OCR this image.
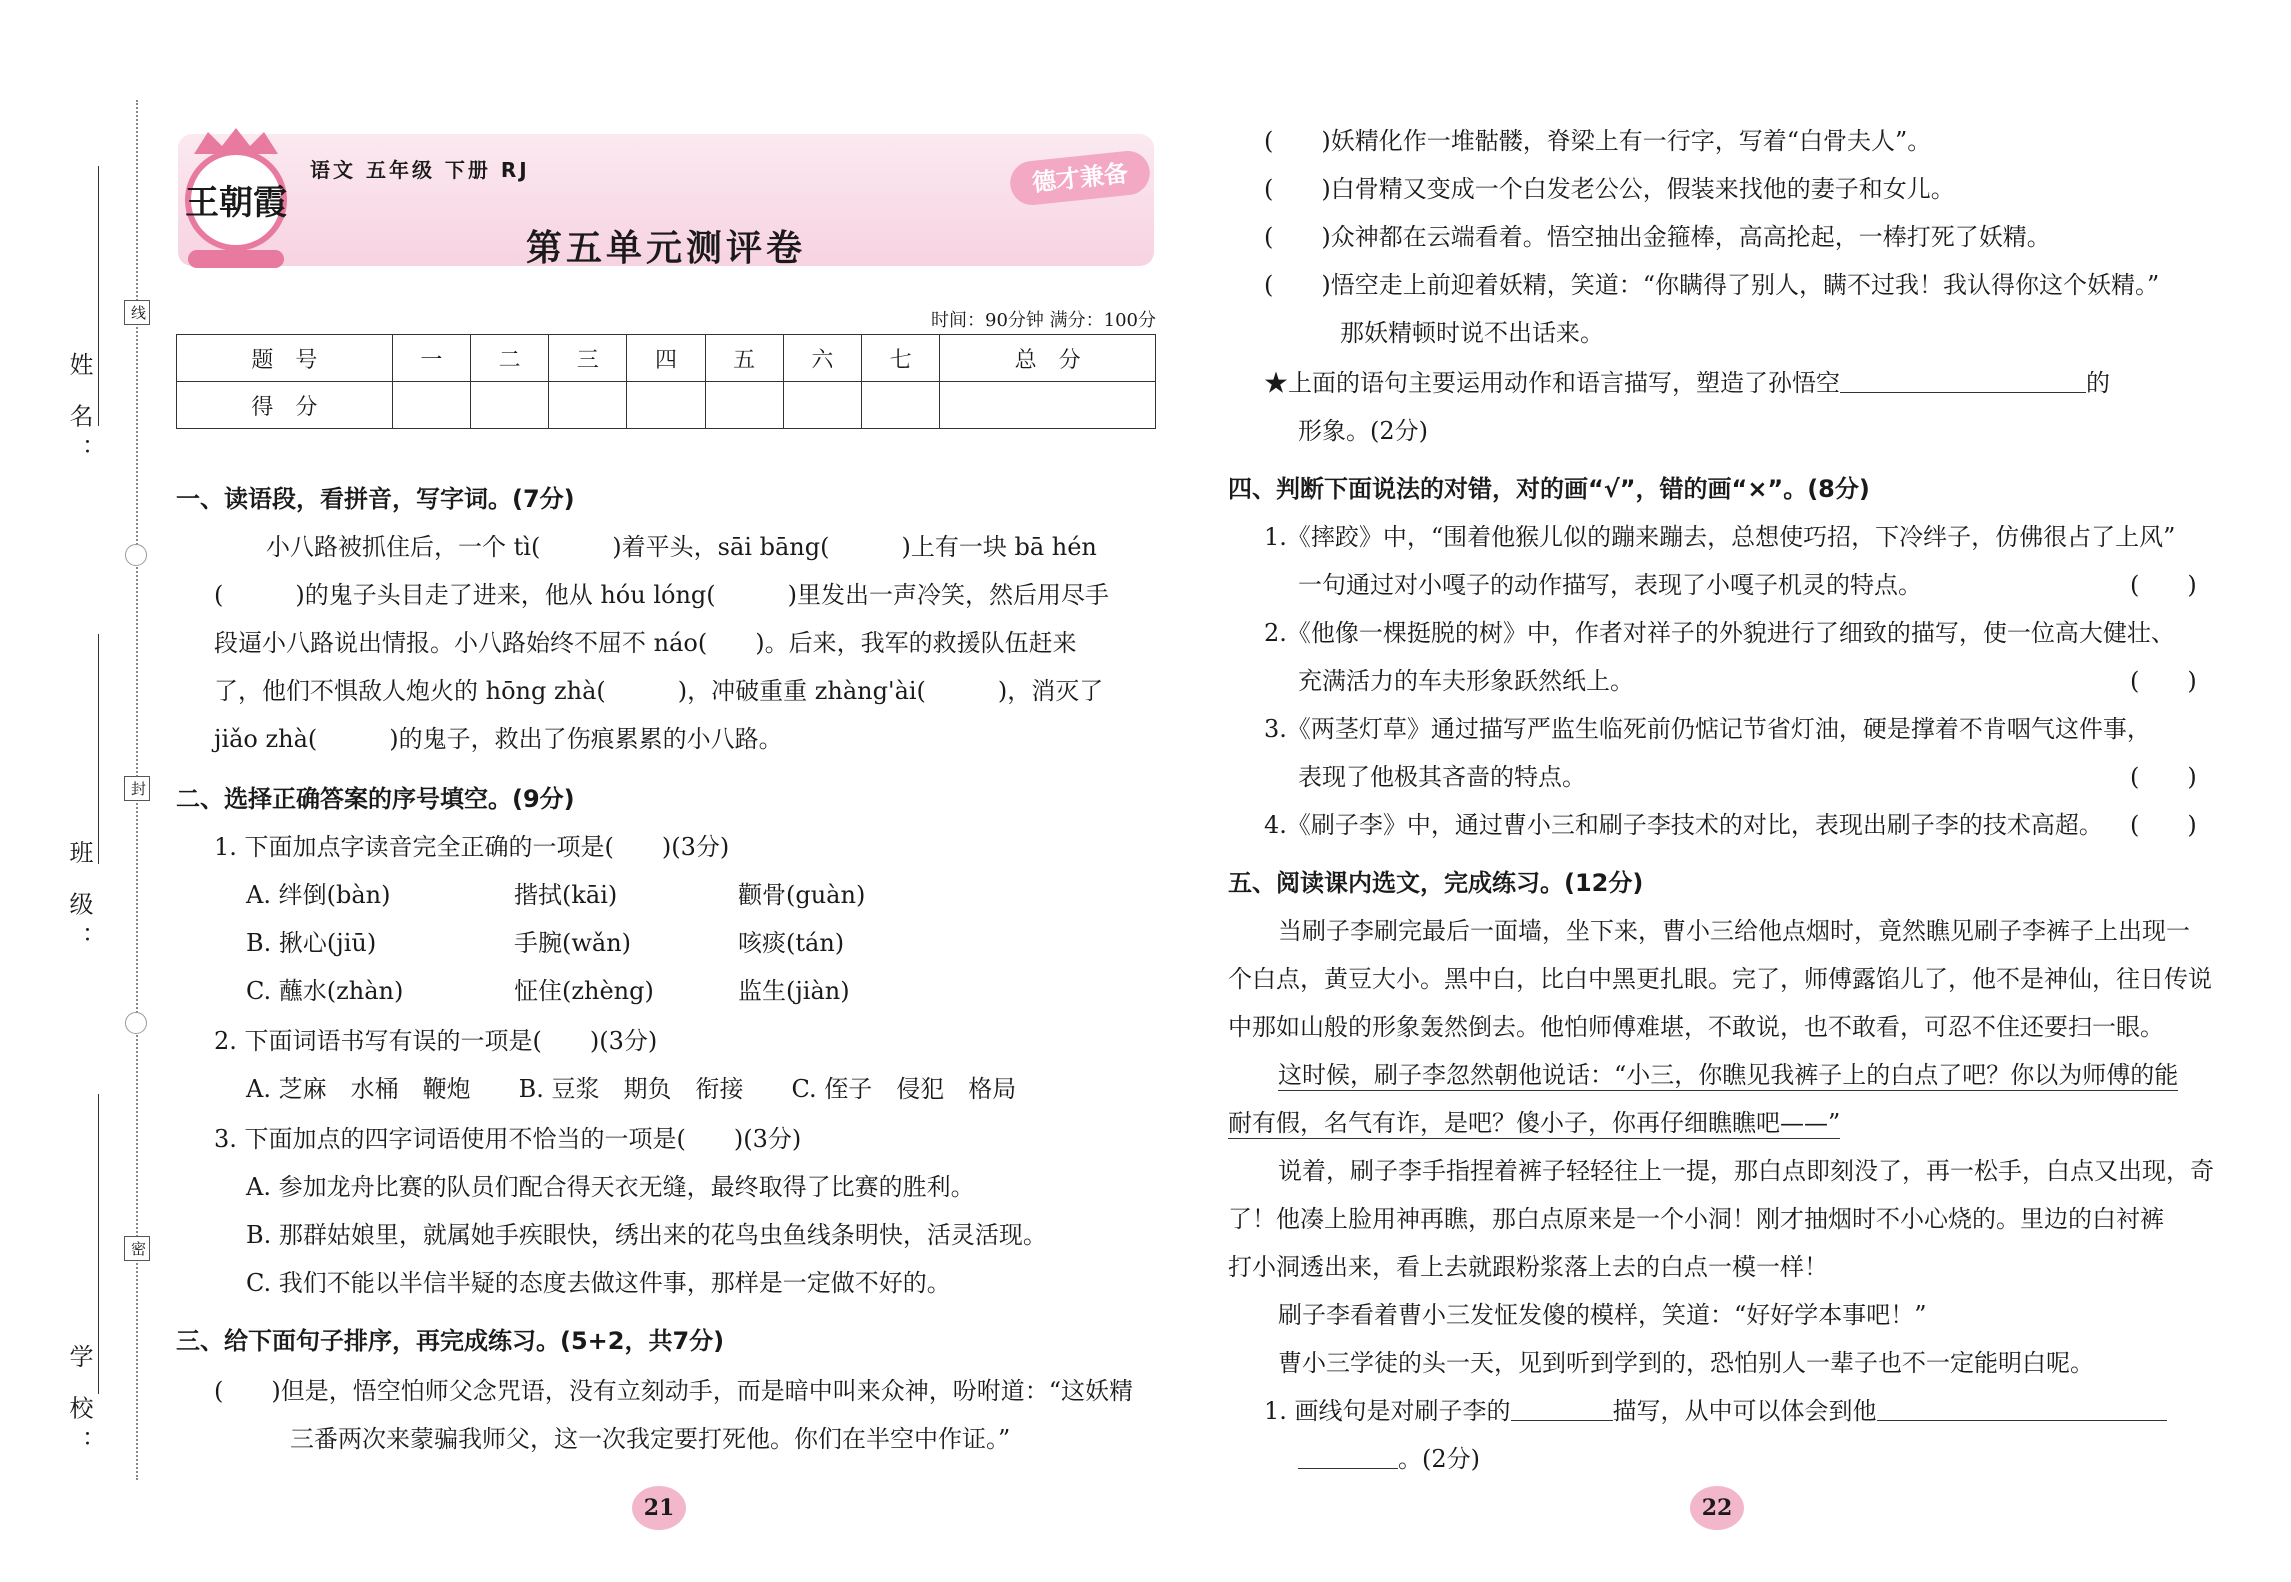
姓 名：
线
班 级：
封
学 校：
密
王朝霞
语文 五年级 下册 RJ	德才兼备
第五单元测评卷
时间：90分钟 满分：100分
题　号	一	二	三	四	五	六	七	总　分
得　分								
一、读语段，看拼音，写字词。(7分)
小八路被抓住后，一个 tì(　　　)着平头，sāi bāng(　　　)上有一块 bā hén
(　　　)的鬼子头目走了进来，他从 hóu lóng(　　　)里发出一声冷笑，然后用尽手
段逼小八路说出情报。小八路始终不屈不 náo(　　)。后来，我军的救援队伍赶来
了，他们不惧敌人炮火的 hōng zhà(　　　)，冲破重重 zhàng'ài(　　　)，消灭了
jiǎo zhà(　　　)的鬼子，救出了伤痕累累的小八路。
二、选择正确答案的序号填空。(9分)
1. 下面加点字读音完全正确的一项是(　　)(3分)
A. 绊倒(bàn)	揩拭(kāi)	颧骨(guàn)
B. 揪心(jiū)	手腕(wǎn)	咳痰(tán)
C. 蘸水(zhàn)	怔住(zhèng)	监生(jiàn)
2. 下面词语书写有误的一项是(　　)(3分)
A. 芝麻　水桶　鞭炮　　B. 豆浆　期负　衔接　　C. 侄子　侵犯　格局
3. 下面加点的四字词语使用不恰当的一项是(　　)(3分)
A. 参加龙舟比赛的队员们配合得天衣无缝，最终取得了比赛的胜利。
B. 那群姑娘里，就属她手疾眼快，绣出来的花鸟虫鱼线条明快，活灵活现。
C. 我们不能以半信半疑的态度去做这件事，那样是一定做不好的。
三、给下面句子排序，再完成练习。(5+2，共7分)
(　　)但是，悟空怕师父念咒语，没有立刻动手，而是暗中叫来众神，吩咐道：“这妖精
三番两次来蒙骗我师父，这一次我定要打死他。你们在半空中作证。”
21
(　　)妖精化作一堆骷髅，脊梁上有一行字，写着“白骨夫人”。
(　　)白骨精又变成一个白发老公公，假装来找他的妻子和女儿。
(　　)众神都在云端看着。悟空抽出金箍棒，高高抡起，一棒打死了妖精。
(　　)悟空走上前迎着妖精，笑道：“你瞒得了别人，瞒不过我！我认得你这个妖精。”
那妖精顿时说不出话来。
★上面的语句主要运用动作和语言描写，塑造了孙悟空	的
形象。(2分)
四、判断下面说法的对错，对的画“√”，错的画“×”。(8分)
1.《摔跤》中，“围着他猴儿似的蹦来蹦去，总想使巧招，下冷绊子，仿佛很占了上风”
一句通过对小嘎子的动作描写，表现了小嘎子机灵的特点。	(　　)
2.《他像一棵挺脱的树》中，作者对祥子的外貌进行了细致的描写，使一位高大健壮、
充满活力的车夫形象跃然纸上。	(　　)
3.《两茎灯草》通过描写严监生临死前仍惦记节省灯油，硬是撑着不肯咽气这件事，
表现了他极其吝啬的特点。	(　　)
4.《刷子李》中，通过曹小三和刷子李技术的对比，表现出刷子李的技术高超。 (　　)
五、阅读课内选文，完成练习。(12分)
当刷子李刷完最后一面墙，坐下来，曹小三给他点烟时，竟然瞧见刷子李裤子上出现一
个白点，黄豆大小。黑中白，比白中黑更扎眼。完了，师傅露馅儿了，他不是神仙，往日传说
中那如山般的形象轰然倒去。他怕师傅难堪，不敢说，也不敢看，可忍不住还要扫一眼。
这时候，刷子李忽然朝他说话：“小三，你瞧见我裤子上的白点了吧？你以为师傅的能
耐有假，名气有诈，是吧？傻小子，你再仔细瞧瞧吧——”
说着，刷子李手指捏着裤子轻轻往上一提，那白点即刻没了，再一松手，白点又出现，奇
了！他凑上脸用神再瞧，那白点原来是一个小洞！刚才抽烟时不小心烧的。里边的白衬裤
打小洞透出来，看上去就跟粉浆落上去的白点一模一样！
刷子李看着曹小三发怔发傻的模样，笑道：“好好学本事吧！”
曹小三学徒的头一天，见到听到学到的，恐怕别人一辈子也不一定能明白呢。
1. 画线句是对刷子李的	描写，从中可以体会到他
。(2分)
22
